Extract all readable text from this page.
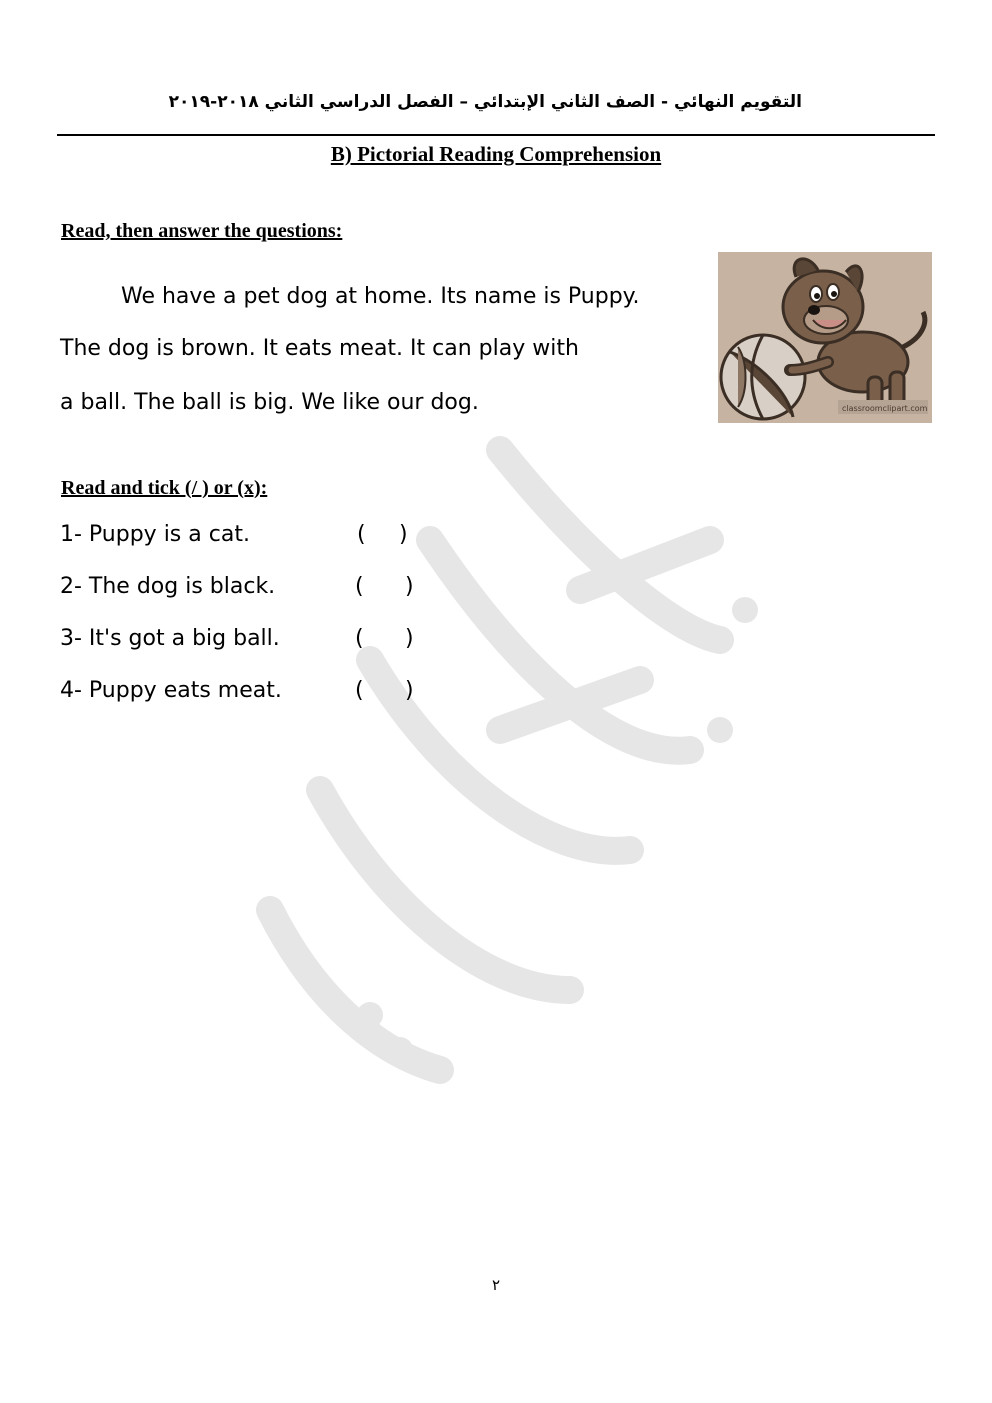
التقويم النهائي - الصف الثاني الإبتدائي – الفصل الدراسي الثاني ٢٠١٨-٢٠١٩
B) Pictorial Reading Comprehension
Read, then answer the questions:
We have a pet dog at home. Its name is Puppy.
The dog is brown. It eats meat. It can play with
a ball. The ball is big. We like our dog.	classroomclipart.com
Read and tick (/ ) or (x):
1- Puppy is a cat.	( )
2- The dog is black.	( )
3- It's got a big ball.	( )
4- Puppy eats meat.	( )
٢
